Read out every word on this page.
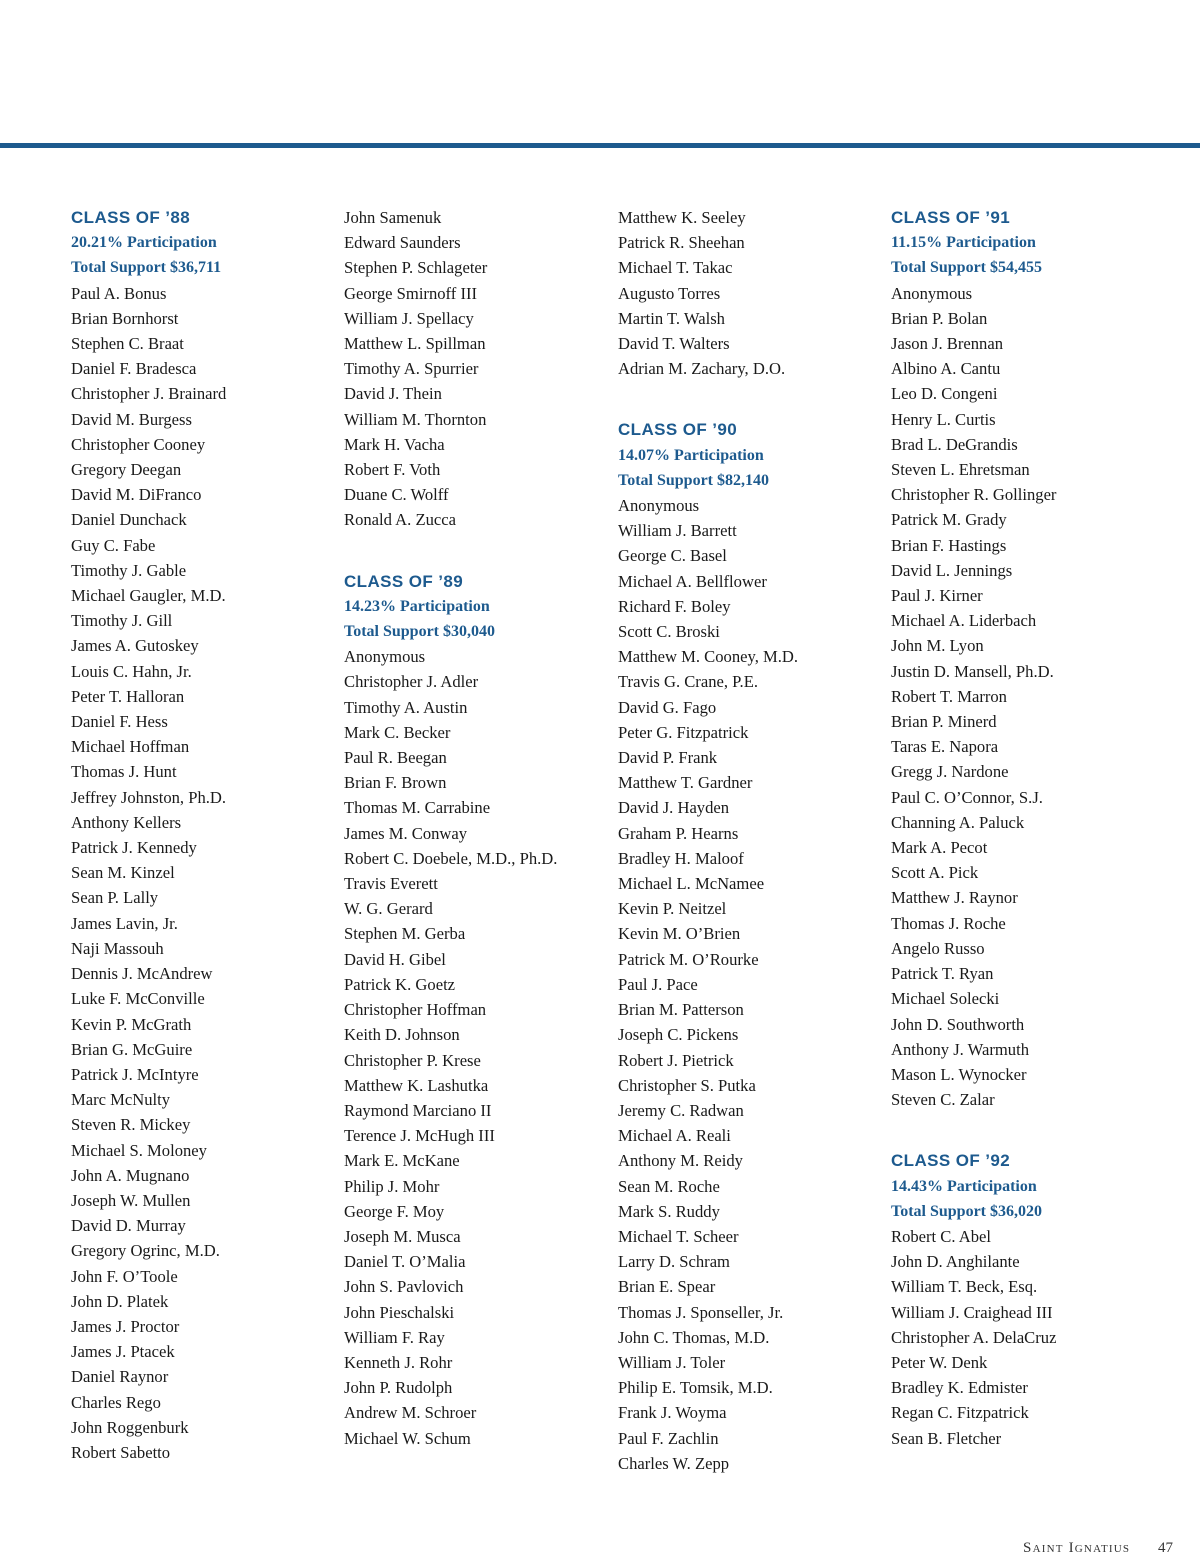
CLASS OF ’88
20.21% Participation
Total Support $36,711
Paul A. Bonus
Brian Bornhorst
Stephen C. Braat
Daniel F. Bradesca
Christopher J. Brainard
David M. Burgess
Christopher Cooney
Gregory Deegan
David M. DiFranco
Daniel Dunchack
Guy C. Fabe
Timothy J. Gable
Michael Gaugler, M.D.
Timothy J. Gill
James A. Gutoskey
Louis C. Hahn, Jr.
Peter T. Halloran
Daniel F. Hess
Michael Hoffman
Thomas J. Hunt
Jeffrey Johnston, Ph.D.
Anthony Kellers
Patrick J. Kennedy
Sean M. Kinzel
Sean P. Lally
James Lavin, Jr.
Naji Massouh
Dennis J. McAndrew
Luke F. McConville
Kevin P. McGrath
Brian G. McGuire
Patrick J. McIntyre
Marc McNulty
Steven R. Mickey
Michael S. Moloney
John A. Mugnano
Joseph W. Mullen
David D. Murray
Gregory Ogrinc, M.D.
John F. O’Toole
John D. Platek
James J. Proctor
James J. Ptacek
Daniel Raynor
Charles Rego
John Roggenburk
Robert Sabetto
John Samenuk
Edward Saunders
Stephen P. Schlageter
George Smirnoff III
William J. Spellacy
Matthew L. Spillman
Timothy A. Spurrier
David J. Thein
William M. Thornton
Mark H. Vacha
Robert F. Voth
Duane C. Wolff
Ronald A. Zucca
CLASS OF ’89
14.23% Participation
Total Support $30,040
Anonymous
Christopher J. Adler
Timothy A. Austin
Mark C. Becker
Paul R. Beegan
Brian F. Brown
Thomas M. Carrabine
James M. Conway
Robert C. Doebele, M.D., Ph.D.
Travis Everett
W. G. Gerard
Stephen M. Gerba
David H. Gibel
Patrick K. Goetz
Christopher Hoffman
Keith D. Johnson
Christopher P. Krese
Matthew K. Lashutka
Raymond Marciano II
Terence J. McHugh III
Mark E. McKane
Philip J. Mohr
George F. Moy
Joseph M. Musca
Daniel T. O’Malia
John S. Pavlovich
John Pieschalski
William F. Ray
Kenneth J. Rohr
John P. Rudolph
Andrew M. Schroer
Michael W. Schum
Matthew K. Seeley
Patrick R. Sheehan
Michael T. Takac
Augusto Torres
Martin T. Walsh
David T. Walters
Adrian M. Zachary, D.O.
CLASS OF ’90
14.07% Participation
Total Support $82,140
Anonymous
William J. Barrett
George C. Basel
Michael A. Bellflower
Richard F. Boley
Scott C. Broski
Matthew M. Cooney, M.D.
Travis G. Crane, P.E.
David G. Fago
Peter G. Fitzpatrick
David P. Frank
Matthew T. Gardner
David J. Hayden
Graham P. Hearns
Bradley H. Maloof
Michael L. McNamee
Kevin P. Neitzel
Kevin M. O’Brien
Patrick M. O’Rourke
Paul J. Pace
Brian M. Patterson
Joseph C. Pickens
Robert J. Pietrick
Christopher S. Putka
Jeremy C. Radwan
Michael A. Reali
Anthony M. Reidy
Sean M. Roche
Mark S. Ruddy
Michael T. Scheer
Larry D. Schram
Brian E. Spear
Thomas J. Sponseller, Jr.
John C. Thomas, M.D.
William J. Toler
Philip E. Tomsik, M.D.
Frank J. Woyma
Paul F. Zachlin
Charles W. Zepp
CLASS OF ’91
11.15% Participation
Total Support $54,455
Anonymous
Brian P. Bolan
Jason J. Brennan
Albino A. Cantu
Leo D. Congeni
Henry L. Curtis
Brad L. DeGrandis
Steven L. Ehretsman
Christopher R. Gollinger
Patrick M. Grady
Brian F. Hastings
David L. Jennings
Paul J. Kirner
Michael A. Liderbach
John M. Lyon
Justin D. Mansell, Ph.D.
Robert T. Marron
Brian P. Minerd
Taras E. Napora
Gregg J. Nardone
Paul C. O’Connor, S.J.
Channing A. Paluck
Mark A. Pecot
Scott A. Pick
Matthew J. Raynor
Thomas J. Roche
Angelo Russo
Patrick T. Ryan
Michael Solecki
John D. Southworth
Anthony J. Warmuth
Mason L. Wynocker
Steven C. Zalar
CLASS OF ’92
14.43% Participation
Total Support $36,020
Robert C. Abel
John D. Anghilante
William T. Beck, Esq.
William J. Craighead III
Christopher A. DelaCruz
Peter W. Denk
Bradley K. Edmister
Regan C. Fitzpatrick
Sean B. Fletcher
Saint Ignatius 47
